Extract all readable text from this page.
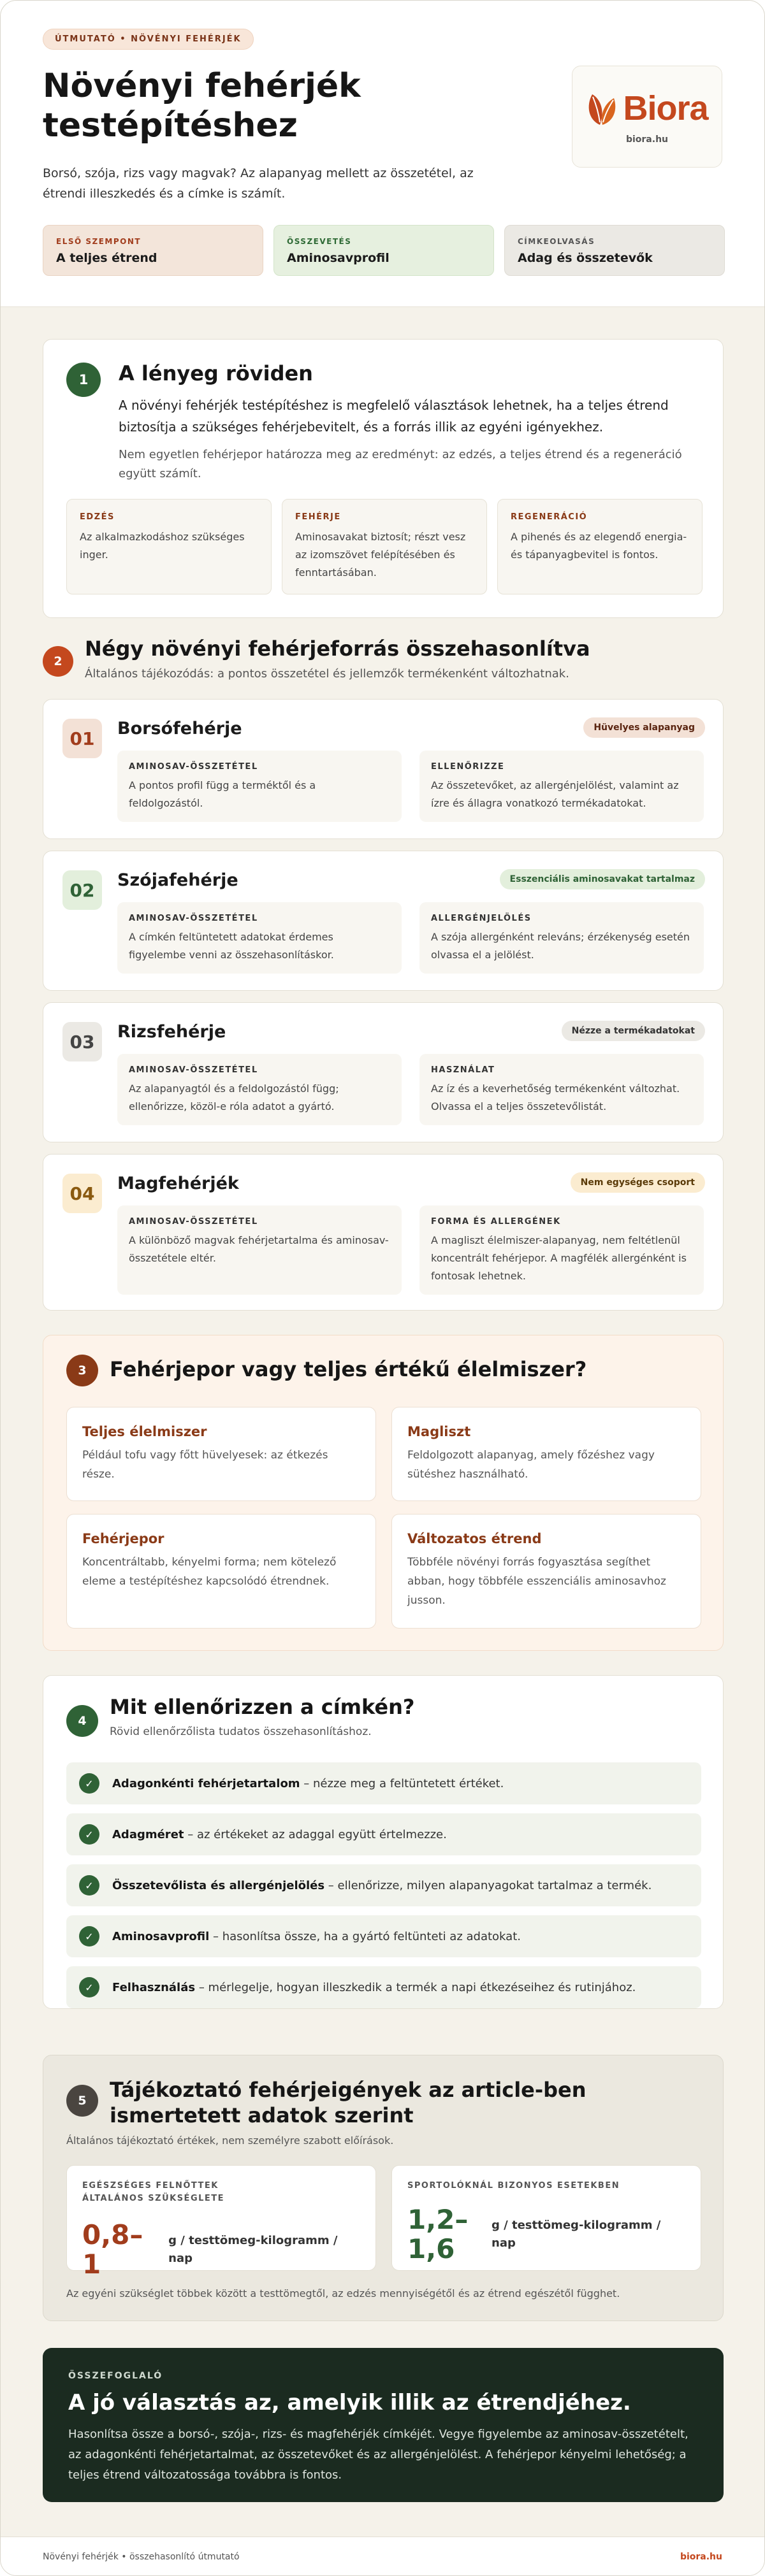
ÚTMUTATÓ • NÖVÉNYI FEHÉRJÉK
Növényi fehérjék testépítéshez

Borsó, szója, rizs vagy magvak? Az alapanyag mellett az összetétel, az étrendi illeszkedés és a címke is számít.

Biora
biora.hu
ELSŐ SZEMPONT
A teljes étrend
ÖSSZEVETÉS
Aminosavprofil
CÍMKEOLVASÁS
Adag és összetevők
1	A lényeg röviden

A növényi fehérjék testépítéshez is megfelelő választások lehetnek, ha a teljes étrend biztosítja a szükséges fehérjebevitelt, és a forrás illik az egyéni igényekhez.

Nem egyetlen fehérjepor határozza meg az eredményt: az edzés, a teljes étrend és a regeneráció együtt számít.

EDZÉS
Az alkalmazkodáshoz szükséges inger.
FEHÉRJE
Aminosavakat biztosít; részt vesz az izomszövet felépítésében és fenntartásában.
REGENERÁCIÓ
A pihenés és az elegendő energia- és tápanyagbevitel is fontos.
2
Négy növényi fehérjeforrás összehasonlítva
Általános tájékozódás: a pontos összetétel és jellemzők termékenként változhatnak.
01	Borsófehérje	Hüvelyes alapanyag
AMINOSAV-ÖSSZETÉTEL
A pontos profil függ a terméktől és a feldolgozástól.
ELLENŐRIZZE
Az összetevőket, az allergénjelölést, valamint az ízre és állagra vonatkozó termékadatokat.
02	Szójafehérje	Esszenciális aminosavakat tartalmaz
AMINOSAV-ÖSSZETÉTEL
A címkén feltüntetett adatokat érdemes figyelembe venni az összehasonlításkor.
ALLERGÉNJELÖLÉS
A szója allergénként releváns; érzékenység esetén olvassa el a jelölést.
03	Rizsfehérje	Nézze a termékadatokat
AMINOSAV-ÖSSZETÉTEL
Az alapanyagtól és a feldolgozástól függ; ellenőrizze, közöl-e róla adatot a gyártó.
HASZNÁLAT
Az íz és a keverhetőség termékenként változhat. Olvassa el a teljes összetevőlistát.
04	Magfehérjék	Nem egységes csoport
AMINOSAV-ÖSSZETÉTEL
A különböző magvak fehérjetartalma és aminosav-összetétele eltér.
FORMA ÉS ALLERGÉNEK
A magliszt élelmiszer-alapanyag, nem feltétlenül koncentrált fehérjepor. A magfélék allergénként is fontosak lehetnek.
3	Fehérjepor vagy teljes értékű élelmiszer?
Teljes élelmiszer
Például tofu vagy főtt hüvelyesek: az étkezés része.
Magliszt
Feldolgozott alapanyag, amely főzéshez vagy sütéshez használható.
Fehérjepor
Koncentráltabb, kényelmi forma; nem kötelező eleme a testépítéshez kapcsolódó étrendnek.
Változatos étrend
Többféle növényi forrás fogyasztása segíthet abban, hogy többféle esszenciális aminosavhoz jusson.
4
Mit ellenőrizzen a címkén?
Rövid ellenőrzőlista tudatos összehasonlításhoz.
✓	Adagonkénti fehérjetartalom – nézze meg a feltüntetett értéket.
✓	Adagméret – az értékeket az adaggal együtt értelmezze.
✓	Összetevőlista és allergénjelölés – ellenőrizze, milyen alapanyagokat tartalmaz a termék.
✓	Aminosavprofil – hasonlítsa össze, ha a gyártó feltünteti az adatokat.
✓	Felhasználás – mérlegelje, hogyan illeszkedik a termék a napi étkezéseihez és rutinjához.
5	Tájékoztató fehérjeigények az article-ben ismertetett adatok szerint
Általános tájékoztató értékek, nem személyre szabott előírások.
EGÉSZSÉGES FELNŐTTEK ÁLTALÁNOS SZÜKSÉGLETE
0,8–1
g / testtömeg-kilogramm / nap
SPORTOLÓKNÁL BIZONYOS ESETEKBEN
1,2–1,6
g / testtömeg-kilogramm / nap
Az egyéni szükséglet többek között a testtömegtől, az edzés mennyiségétől és az étrend egészétől függhet.
ÖSSZEFOGLALÓ
A jó választás az, amelyik illik az étrendjéhez.
Hasonlítsa össze a borsó-, szója-, rizs- és magfehérjék címkéjét. Vegye figyelembe az aminosav-összetételt, az adagonkénti fehérjetartalmat, az összetevőket és az allergénjelölést. A fehérjepor kényelmi lehetőség; a teljes étrend változatossága továbbra is fontos.
Növényi fehérjék • összehasonlító útmutató	biora.hu
